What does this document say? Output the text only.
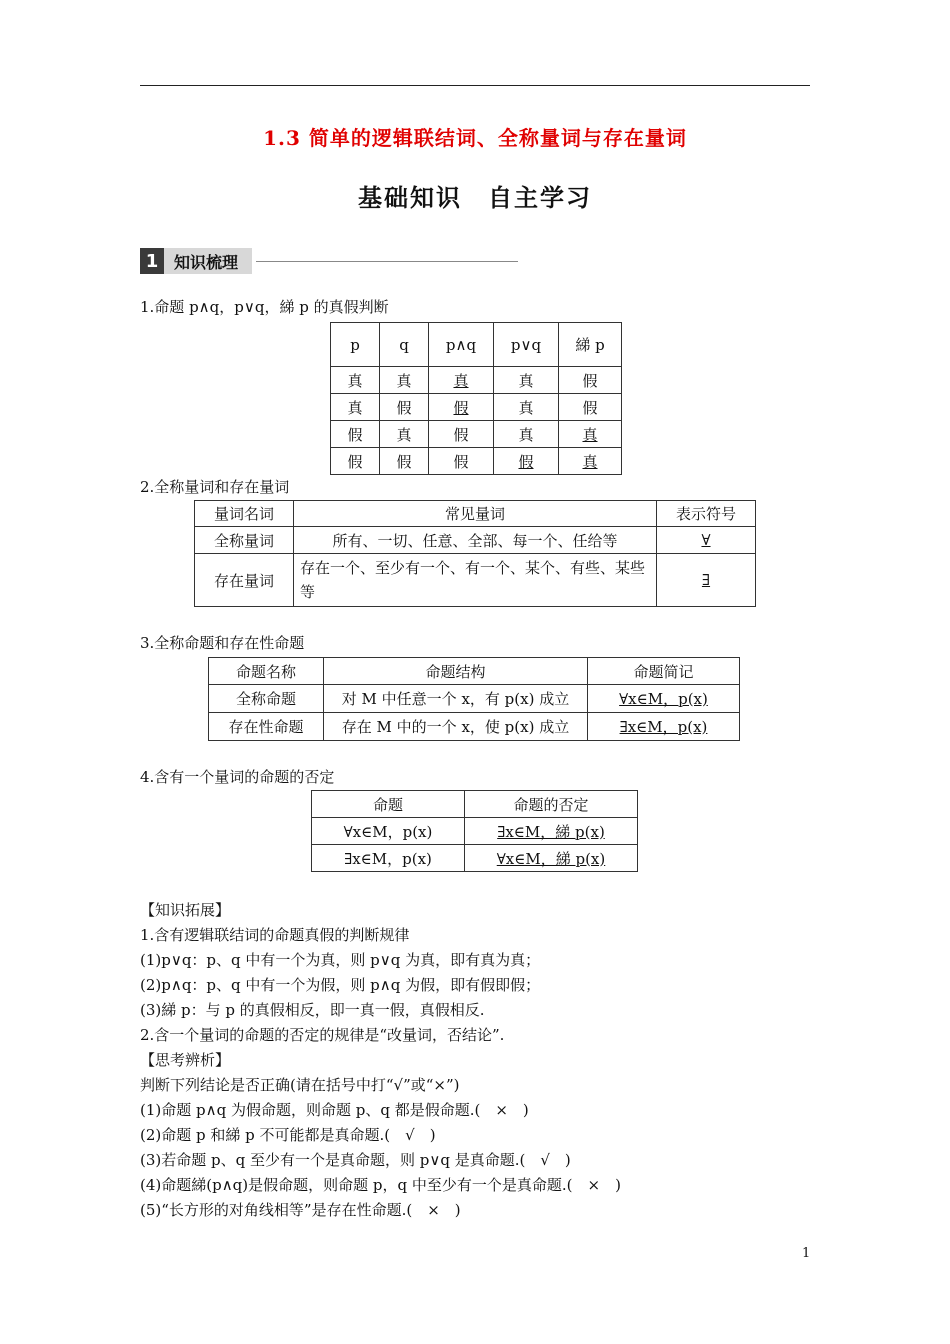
1.3 简单的逻辑联结词、全称量词与存在量词
基础知识　自主学习
1 知识梳理
1.命题 p∧q，p∨q，綈 p 的真假判断
p	q	p∧q	p∨q	綈 p
真	真	真	真	假
真	假	假	真	假
假	真	假	真	真
假	假	假	假	真
2.全称量词和存在量词
量词名词	常见量词	表示符号
全称量词	所有、一切、任意、全部、每一个、任给等	∀
存在量词	存在一个、至少有一个、有一个、某个、有些、某些等	∃
3.全称命题和存在性命题
命题名称	命题结构	命题简记
全称命题	对 M 中任意一个 x，有 p(x) 成立	∀x∈M，p(x)
存在性命题	存在 M 中的一个 x，使 p(x) 成立	∃x∈M，p(x)
4.含有一个量词的命题的否定
命题	命题的否定
∀x∈M，p(x)	∃x∈M，綈 p(x)
∃x∈M，p(x)	∀x∈M，綈 p(x)
【知识拓展】
1.含有逻辑联结词的命题真假的判断规律
(1)p∨q：p、q 中有一个为真，则 p∨q 为真，即有真为真；
(2)p∧q：p、q 中有一个为假，则 p∧q 为假，即有假即假；
(3)綈 p：与 p 的真假相反，即一真一假，真假相反.
2.含一个量词的命题的否定的规律是“改量词，否结论”.
【思考辨析】
判断下列结论是否正确(请在括号中打“√”或“×”)
(1)命题 p∧q 为假命题，则命题 p、q 都是假命题.(　×　)
(2)命题 p 和綈 p 不可能都是真命题.(　√　)
(3)若命题 p、q 至少有一个是真命题，则 p∨q 是真命题.(　√　)
(4)命题綈(p∧q)是假命题，则命题 p，q 中至少有一个是真命题.(　×　)
(5)“长方形的对角线相等”是存在性命题.(　×　)
1
